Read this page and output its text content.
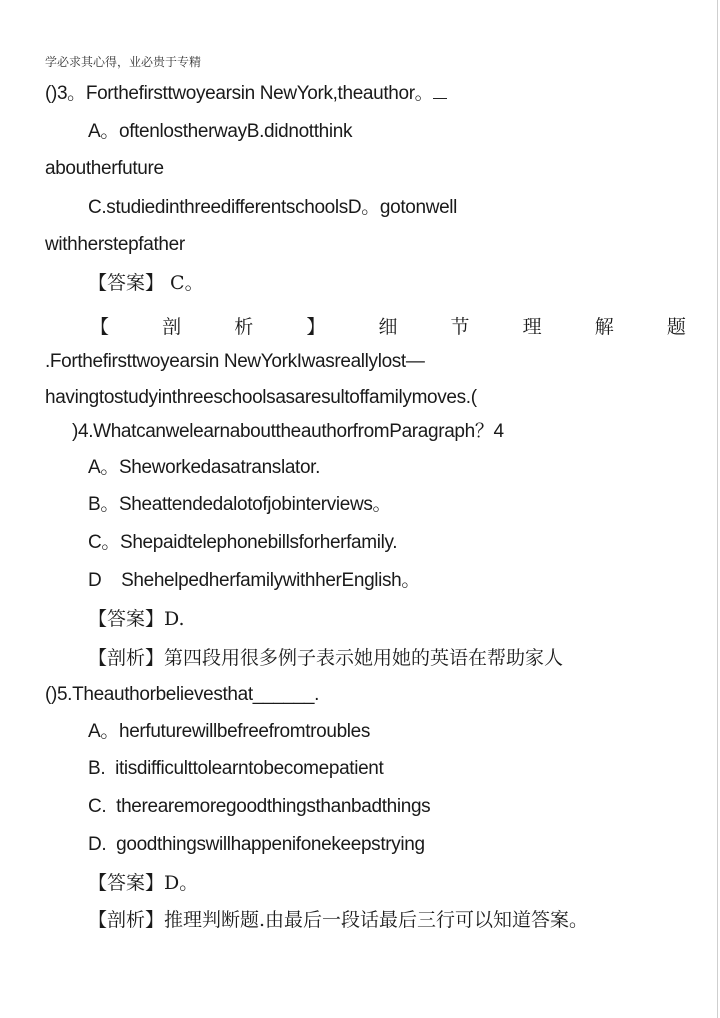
学必求其心得，业必贵于专精
()3。Forthefirsttwoyearsin NewYork,theauthor。
A。oftenlostherwayB.didnotthink
aboutherfuture
C.studiedinthreedifferentschoolsD。gotonwell
withherstepfather
【答案】 C。
【	剖	析	】	细	节	理	解	题
.Forthefirsttwoyearsin NewYorkIwasreallylost—
havingtostudyinthreeschoolsasaresultoffamilymoves.(
)4.WhatcanwelearnabouttheauthorfromParagraph？4
A。Sheworkedasatranslator.
B。Sheattendedalotofjobinterviews。
C。Shepaidtelephonebillsforherfamily.
D    ShehelpedherfamilywithherEnglish。
【答案】D.
【剖析】第四段用很多例子表示她用她的英语在帮助家人
()5.Theauthorbelievesthat______.
A。herfuturewillbefreefromtroubles
B.  itisdifficulttolearntobecomepatient
C.  therearemoregoodthingsthanbadthings
D.  goodthingswillhappenifonekeepstrying
【答案】D。
【剖析】推理判断题.由最后一段话最后三行可以知道答案。
